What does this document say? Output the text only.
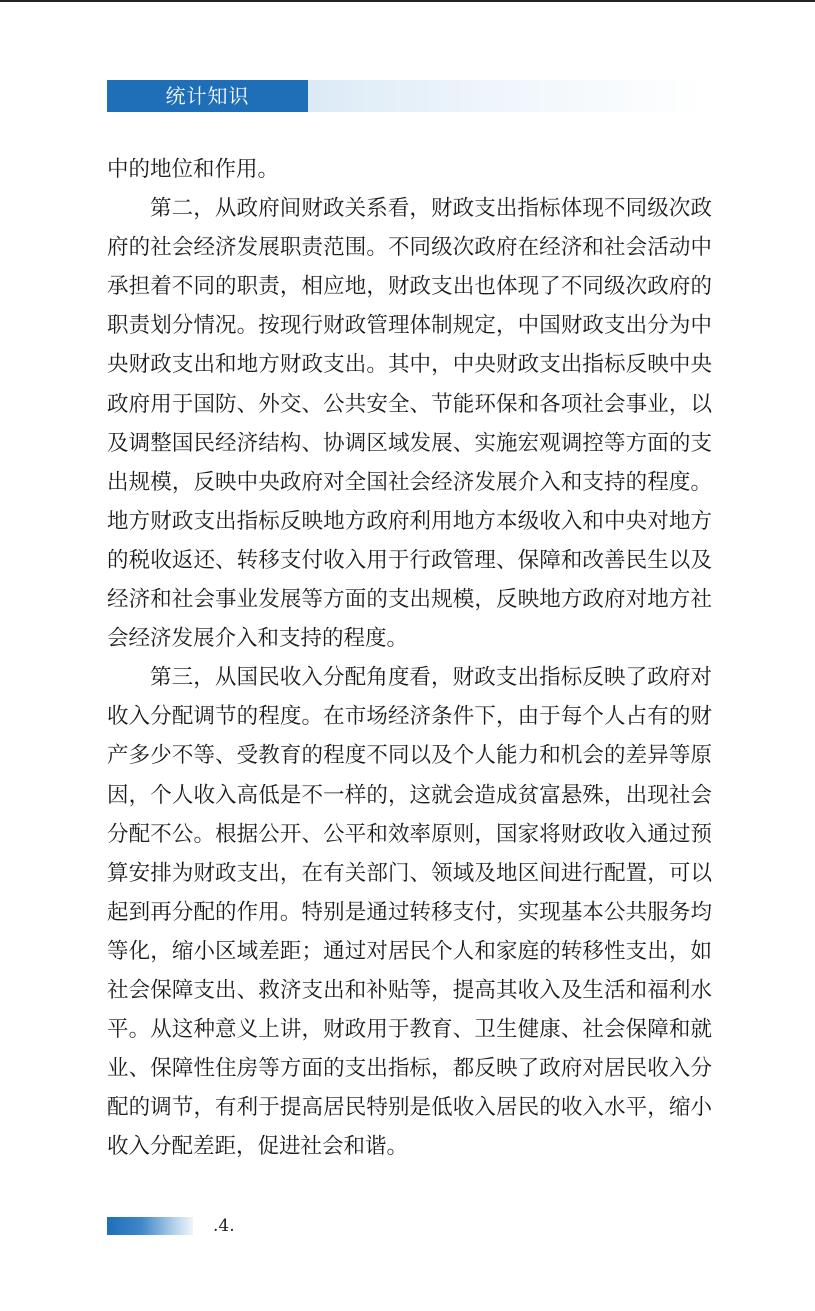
统计知识

中的地位和作用。

第二，从政府间财政关系看，财政支出指标体现不同级次政府的社会经济发展职责范围。不同级次政府在经济和社会活动中承担着不同的职责，相应地，财政支出也体现了不同级次政府的职责划分情况。按现行财政管理体制规定，中国财政支出分为中央财政支出和地方财政支出。其中，中央财政支出指标反映中央政府用于国防、外交、公共安全、节能环保和各项社会事业，以及调整国民经济结构、协调区域发展、实施宏观调控等方面的支出规模，反映中央政府对全国社会经济发展介入和支持的程度。地方财政支出指标反映地方政府利用地方本级收入和中央对地方的税收返还、转移支付收入用于行政管理、保障和改善民生以及经济和社会事业发展等方面的支出规模，反映地方政府对地方社会经济发展介入和支持的程度。

第三，从国民收入分配角度看，财政支出指标反映了政府对收入分配调节的程度。在市场经济条件下，由于每个人占有的财产多少不等、受教育的程度不同以及个人能力和机会的差异等原因，个人收入高低是不一样的，这就会造成贫富悬殊，出现社会分配不公。根据公开、公平和效率原则，国家将财政收入通过预算安排为财政支出，在有关部门、领域及地区间进行配置，可以起到再分配的作用。特别是通过转移支付，实现基本公共服务均等化，缩小区域差距；通过对居民个人和家庭的转移性支出，如社会保障支出、救济支出和补贴等，提高其收入及生活和福利水平。从这种意义上讲，财政用于教育、卫生健康、社会保障和就业、保障性住房等方面的支出指标，都反映了政府对居民收入分配的调节，有利于提高居民特别是低收入居民的收入水平，缩小收入分配差距，促进社会和谐。

.4.
